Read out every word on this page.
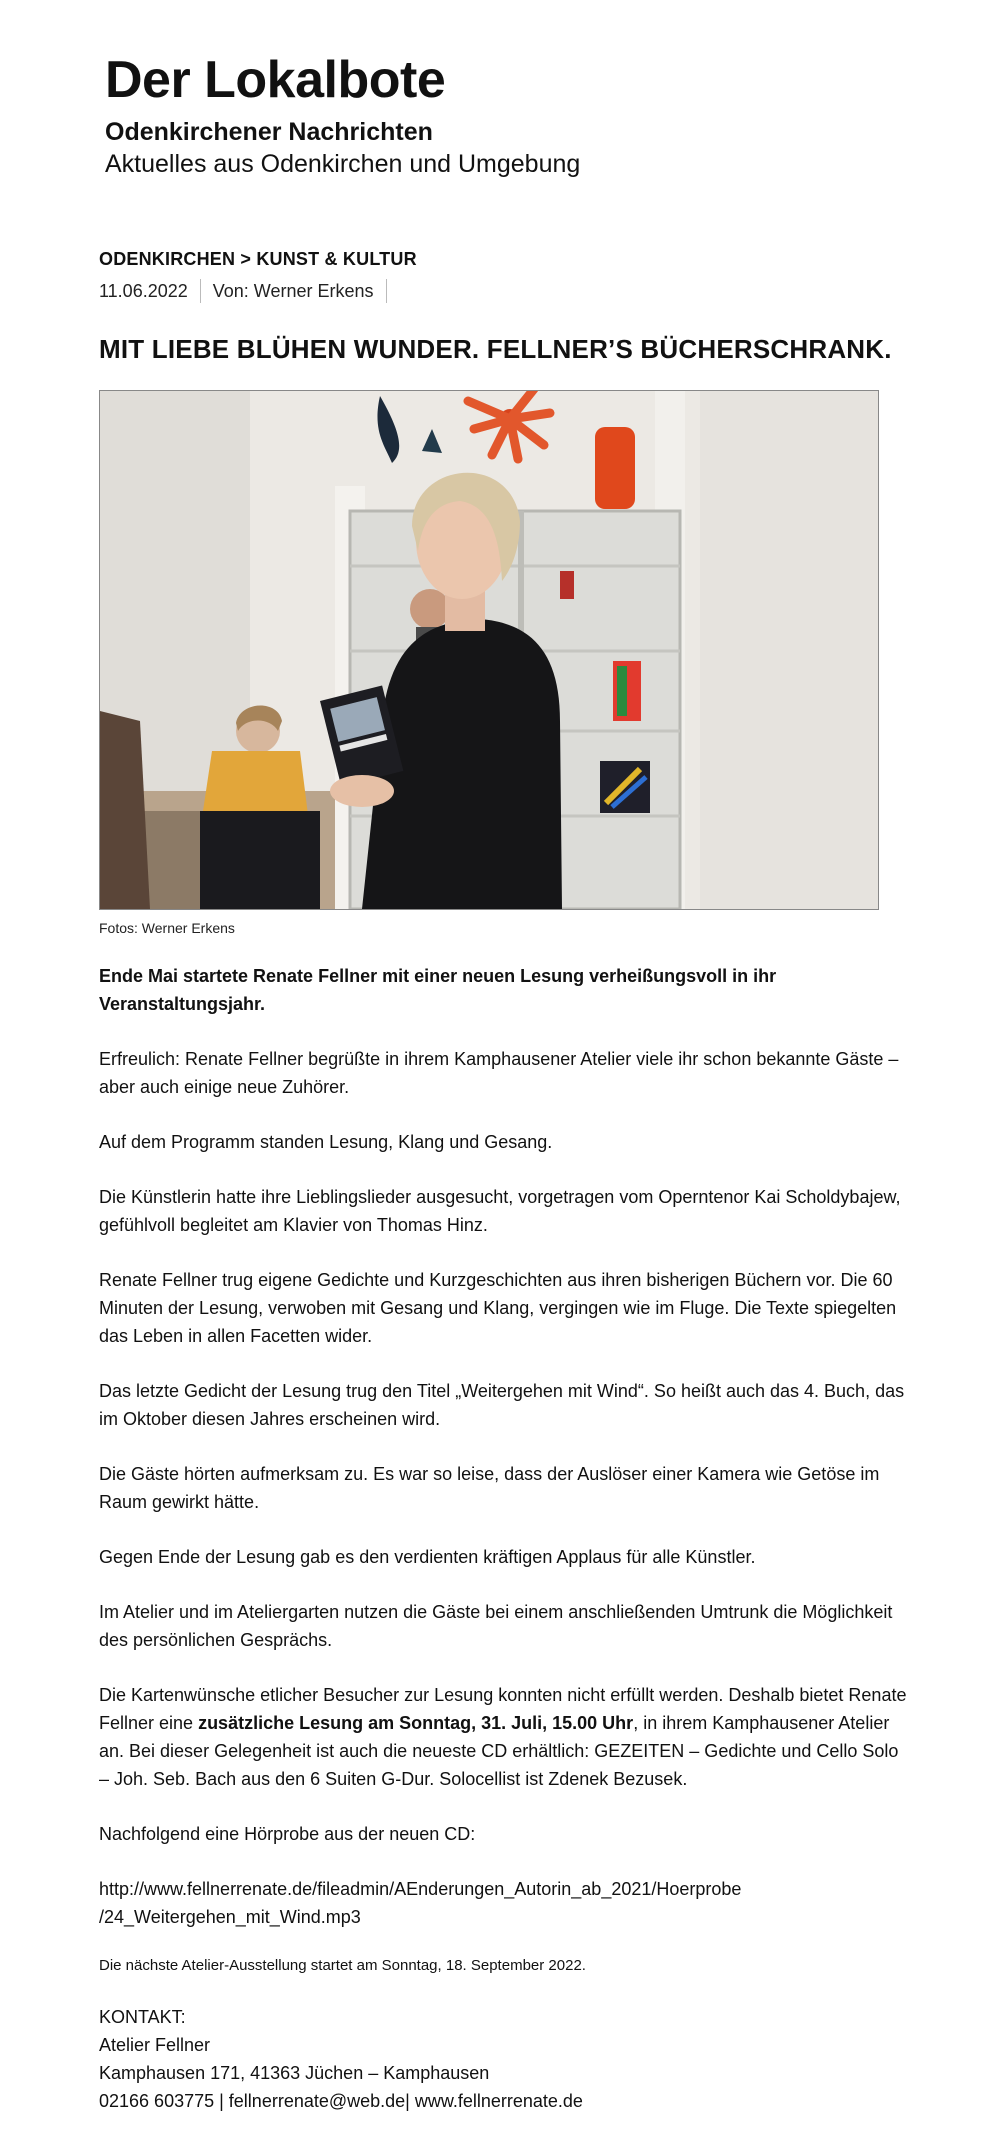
Der Lokalbote
Odenkirchener Nachrichten
Aktuelles aus Odenkirchen und Umgebung
ODENKIRCHEN > KUNST & KULTUR
11.06.2022 Von: Werner Erkens
MIT LIEBE BLÜHEN WUNDER. FELLNER’S BÜCHERSCHRANK.
Fotos: Werner Erkens
Ende Mai startete Renate Fellner mit einer neuen Lesung verheißungsvoll in ihr Veranstaltungsjahr.
Erfreulich: Renate Fellner begrüßte in ihrem Kamphausener Atelier viele ihr schon bekannte Gäste – aber auch einige neue Zuhörer.
Auf dem Programm standen Lesung, Klang und Gesang.
Die Künstlerin hatte ihre Lieblingslieder ausgesucht, vorgetragen vom Operntenor Kai Scholdybajew, gefühlvoll begleitet am Klavier von Thomas Hinz.
Renate Fellner trug eigene Gedichte und Kurzgeschichten aus ihren bisherigen Büchern vor. Die 60 Minuten der Lesung, verwoben mit Gesang und Klang, vergingen wie im Fluge. Die Texte spiegelten das Leben in allen Facetten wider.
Das letzte Gedicht der Lesung trug den Titel „Weitergehen mit Wind“. So heißt auch das 4. Buch, das im Oktober diesen Jahres erscheinen wird.
Die Gäste hörten aufmerksam zu. Es war so leise, dass der Auslöser einer Kamera wie Getöse im Raum gewirkt hätte.
Gegen Ende der Lesung gab es den verdienten kräftigen Applaus für alle Künstler.
Im Atelier und im Ateliergarten nutzen die Gäste bei einem anschließenden Umtrunk die Möglichkeit des persönlichen Gesprächs.
Die Kartenwünsche etlicher Besucher zur Lesung konnten nicht erfüllt werden. Deshalb bietet Renate Fellner eine zusätzliche Lesung am Sonntag, 31. Juli, 15.00 Uhr, in ihrem Kamphausener Atelier an. Bei dieser Gelegenheit ist auch die neueste CD erhältlich: GEZEITEN – Gedichte und Cello Solo – Joh. Seb. Bach aus den 6 Suiten G-Dur. Solocellist ist Zdenek Bezusek.
Nachfolgend eine Hörprobe aus der neuen CD:
http://www.fellnerrenate.de/fileadmin/AEnderungen_Autorin_ab_2021/Hoerprobe
/24_Weitergehen_mit_Wind.mp3
Die nächste Atelier-Ausstellung startet am Sonntag, 18. September 2022.
KONTAKT:
Atelier Fellner
Kamphausen 171, 41363 Jüchen – Kamphausen
02166 603775 | fellnerrenate@web.de| www.fellnerrenate.de
